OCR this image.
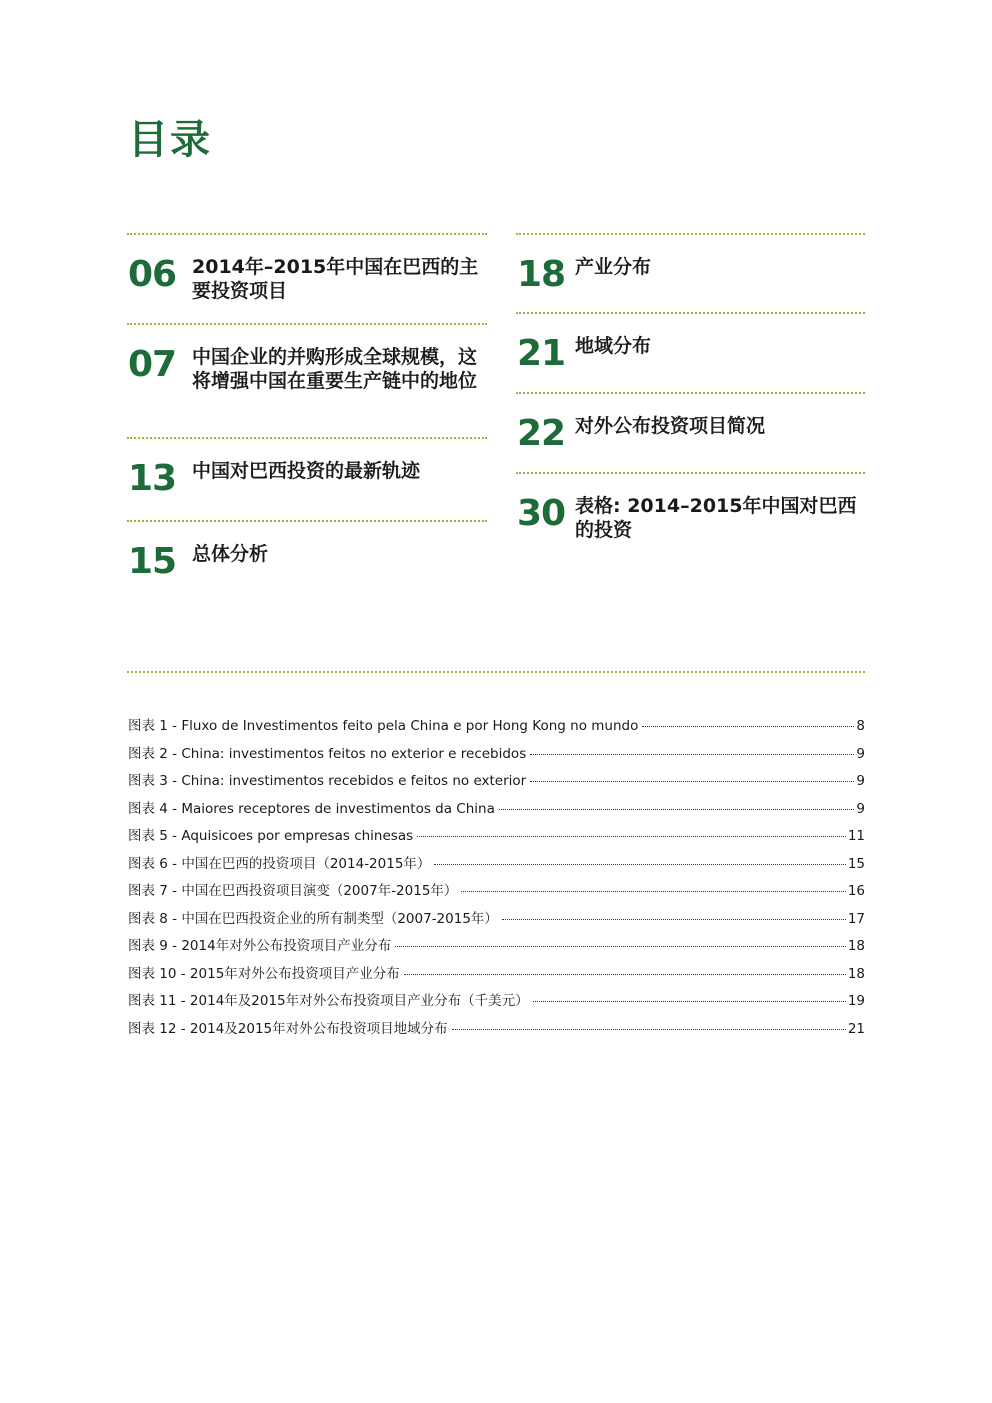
目录
06 2014年–2015年中国在巴西的主要投资项目
07 中国企业的并购形成全球规模，这将增强中国在重要生产链中的地位
13 中国对巴西投资的最新轨迹
15 总体分析
18 产业分布
21 地域分布
22 对外公布投资项目简况
30 表格: 2014–2015年中国对巴西的投资
图表 1 - Fluxo de Investimentos feito pela China e por Hong Kong no mundo	8
图表 2 - China: investimentos feitos no exterior e recebidos	9
图表 3 - China: investimentos recebidos e feitos no exterior	9
图表 4 - Maiores receptores de investimentos da China	9
图表 5 - Aquisicoes por empresas chinesas	11
图表 6 - 中国在巴西的投资项目（2014-2015年）	15
图表 7 - 中国在巴西投资项目演变（2007年-2015年）	16
图表 8 - 中国在巴西投资企业的所有制类型（2007-2015年）	17
图表 9 - 2014年对外公布投资项目产业分布	18
图表 10 - 2015年对外公布投资项目产业分布	18
图表 11 - 2014年及2015年对外公布投资项目产业分布（千美元）	19
图表 12 - 2014及2015年对外公布投资项目地域分布	21
